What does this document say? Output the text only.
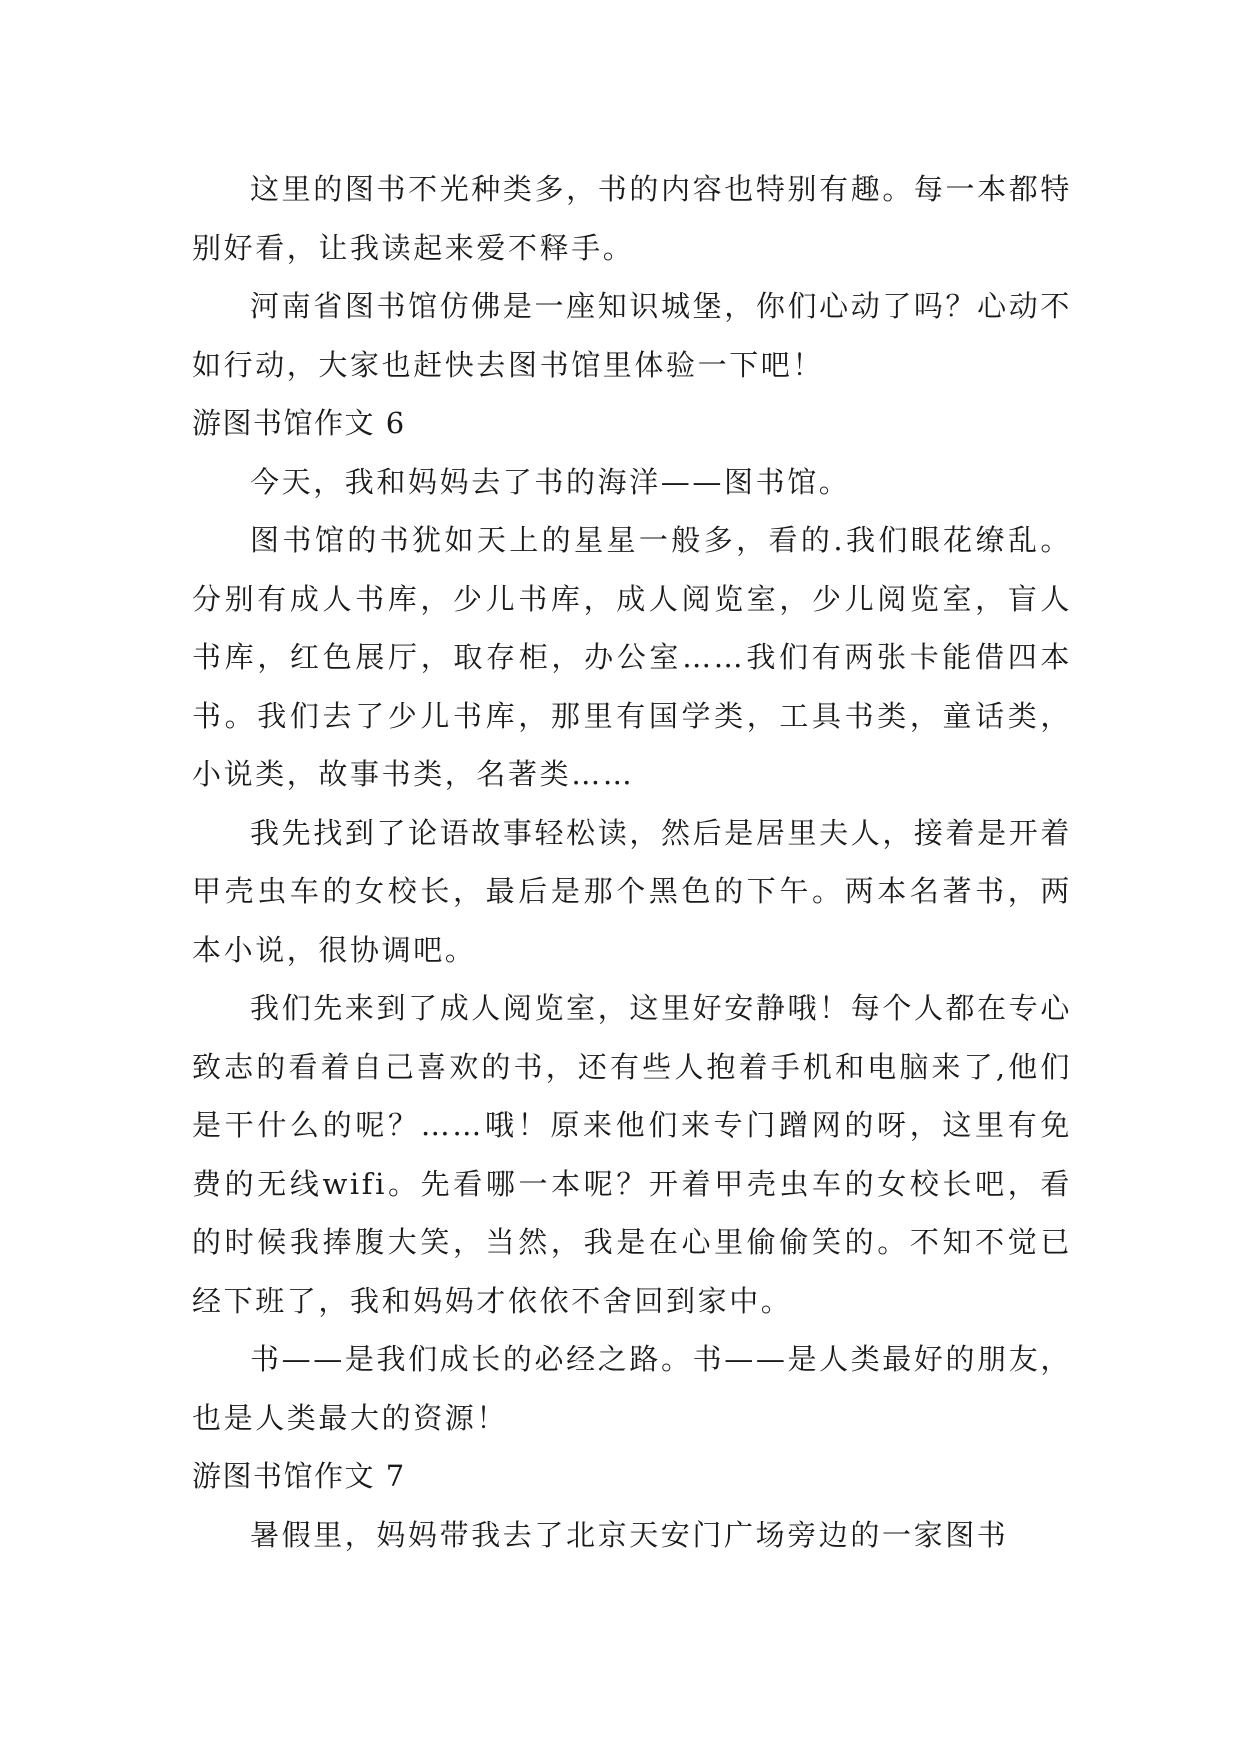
这里的图书不光种类多，书的内容也特别有趣。每一本都特别好看，让我读起来爱不释手。

河南省图书馆仿佛是一座知识城堡，你们心动了吗？心动不如行动，大家也赶快去图书馆里体验一下吧！

游图书馆作文 6

今天，我和妈妈去了书的海洋——图书馆。

图书馆的书犹如天上的星星一般多，看的.我们眼花缭乱。分别有成人书库，少儿书库，成人阅览室，少儿阅览室，盲人书库，红色展厅，取存柜，办公室……我们有两张卡能借四本书。我们去了少儿书库，那里有国学类，工具书类，童话类，小说类，故事书类，名著类……

我先找到了论语故事轻松读，然后是居里夫人，接着是开着甲壳虫车的女校长，最后是那个黑色的下午。两本名著书，两本小说，很协调吧。

我们先来到了成人阅览室，这里好安静哦！每个人都在专心致志的看着自己喜欢的书，还有些人抱着手机和电脑来了,他们是干什么的呢？……哦！原来他们来专门蹭网的呀，这里有免费的无线wifi。先看哪一本呢？开着甲壳虫车的女校长吧，看的时候我捧腹大笑，当然，我是在心里偷偷笑的。不知不觉已经下班了，我和妈妈才依依不舍回到家中。

书——是我们成长的必经之路。书——是人类最好的朋友，也是人类最大的资源！

游图书馆作文 7

暑假里，妈妈带我去了北京天安门广场旁边的一家图书
